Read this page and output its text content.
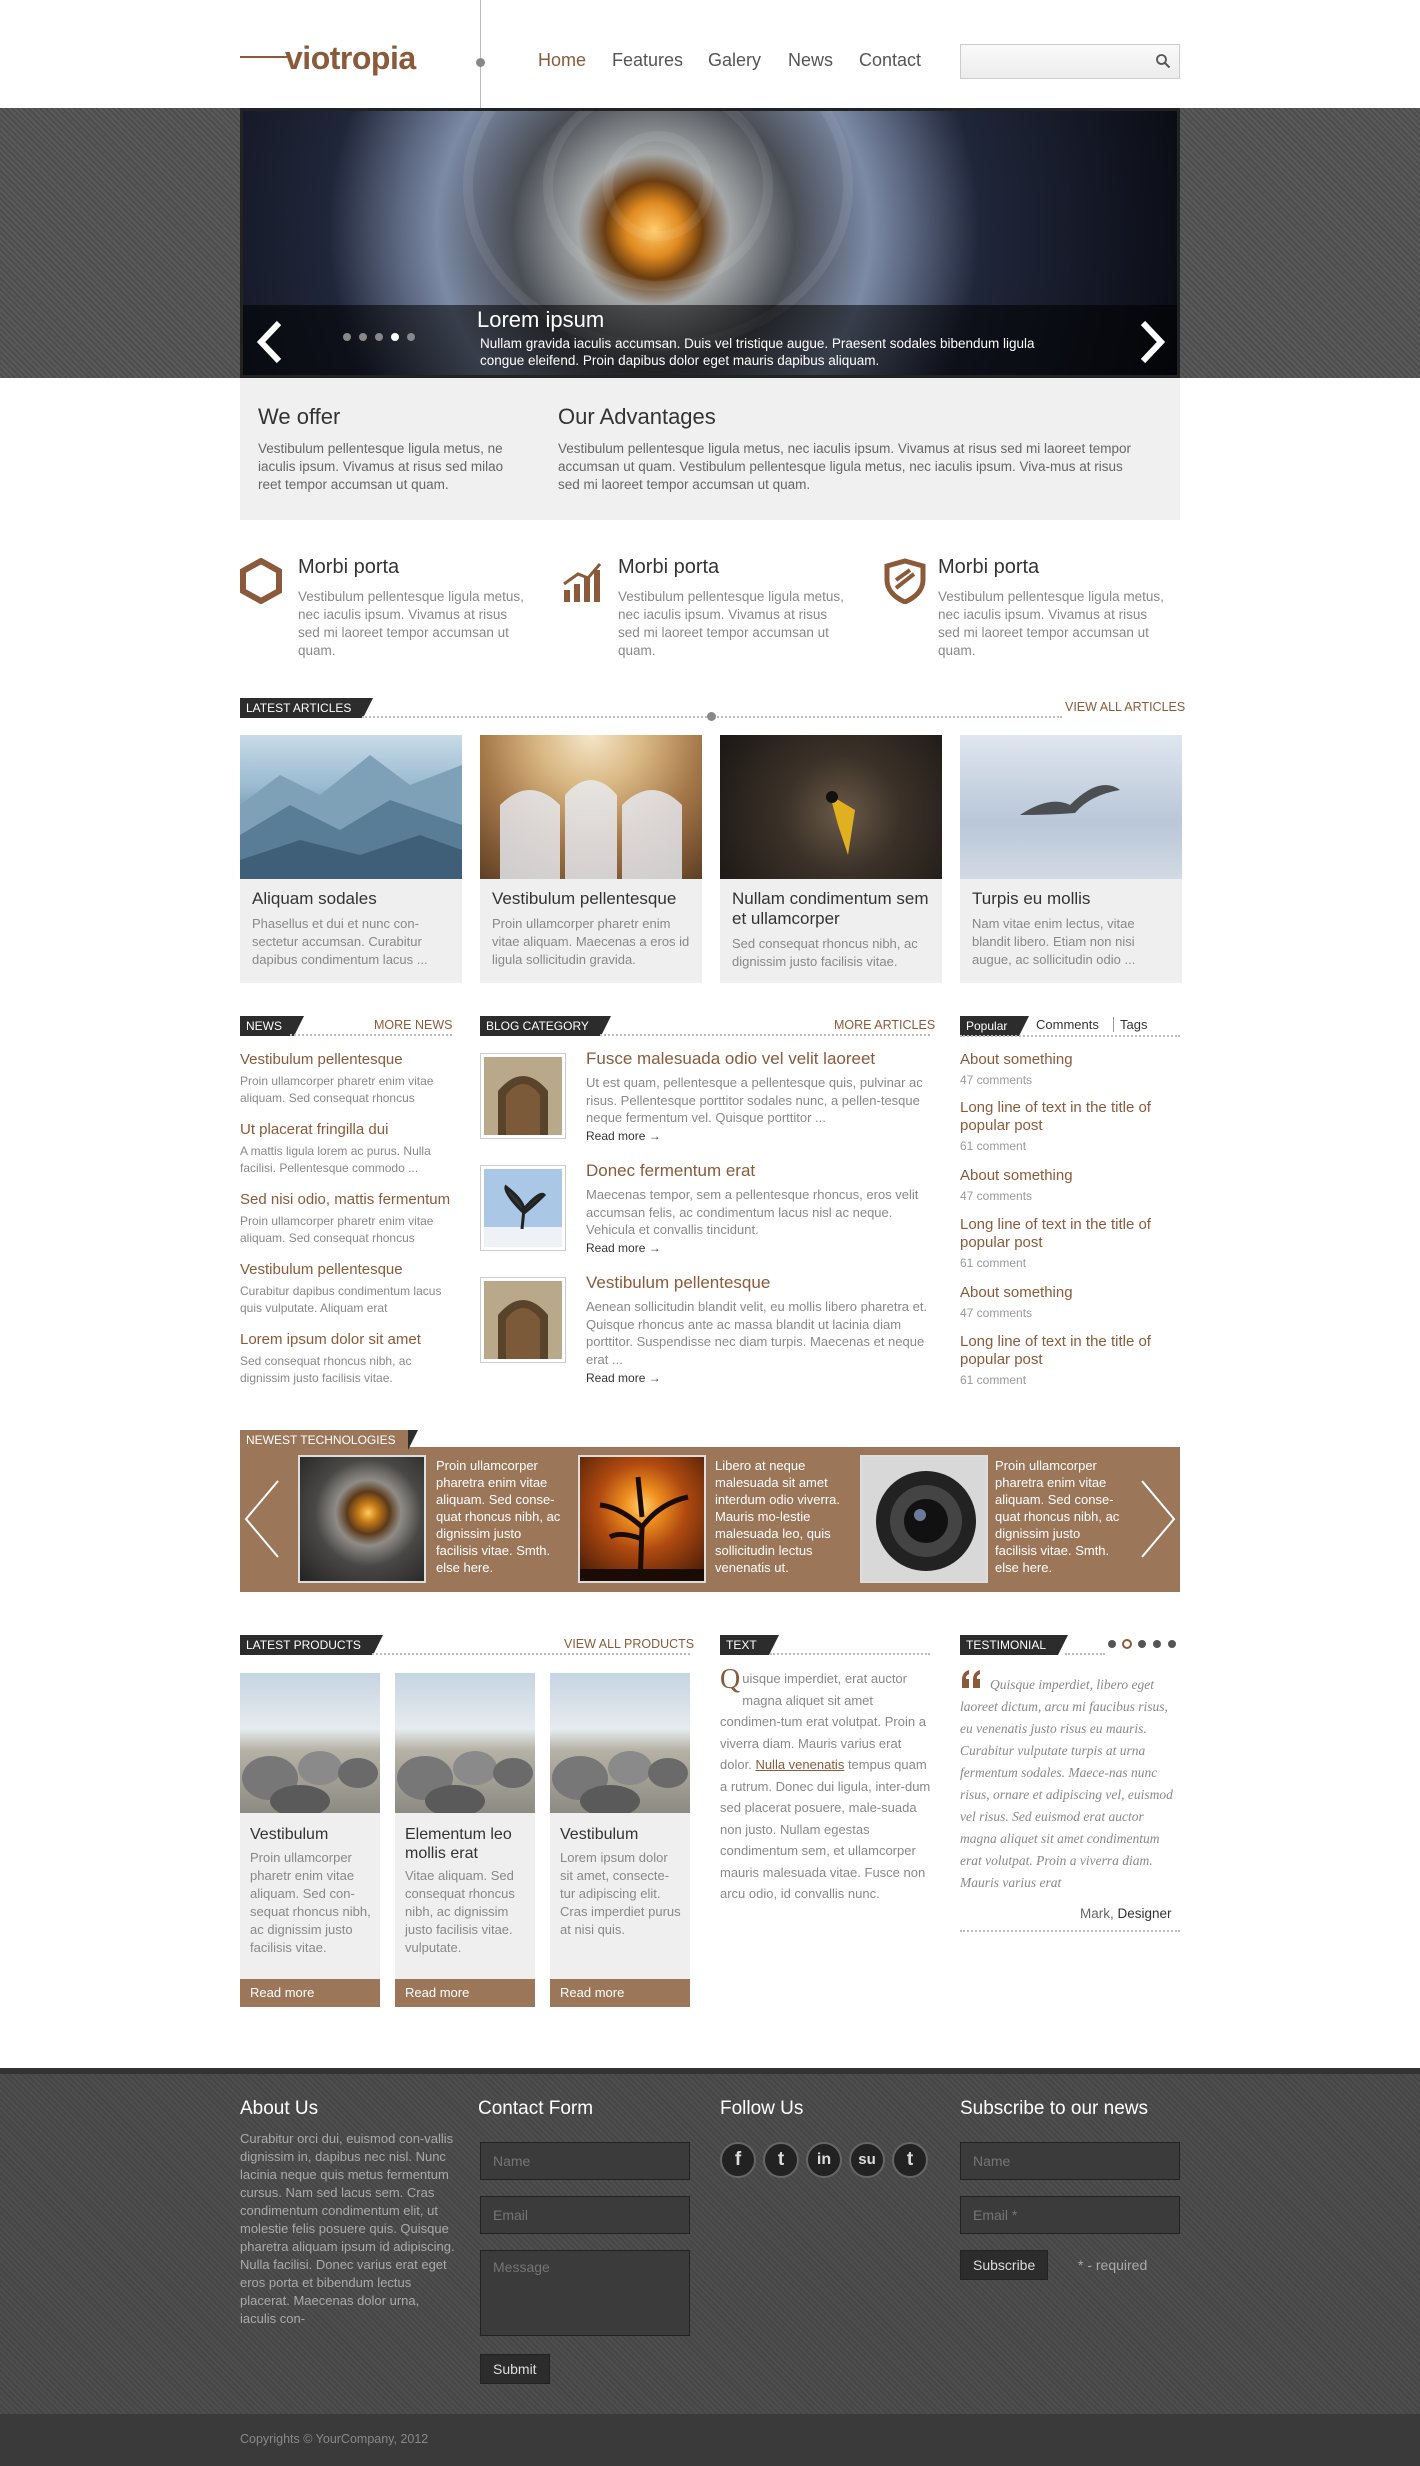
viotropia	Home Features Galery News Contact
Lorem ipsum
Nullam gravida iaculis accumsan. Duis vel tristique augue. Praesent sodales bibendum ligula congue eleifend. Proin dapibus dolor eget mauris dapibus aliquam.
We offer
Vestibulum pellentesque ligula metus, ne iaculis ipsum. Vivamus at risus sed milao reet tempor accumsan ut quam.
Our Advantages
Vestibulum pellentesque ligula metus, nec iaculis ipsum. Vivamus at risus sed mi laoreet tempor accumsan ut quam. Vestibulum pellentesque ligula metus, nec iaculis ipsum. Viva-mus at risus sed mi laoreet tempor accumsan ut quam.
Morbi porta
Vestibulum pellentesque ligula metus, nec iaculis ipsum. Vivamus at risus sed mi laoreet tempor accumsan ut quam.
Morbi porta
Vestibulum pellentesque ligula metus, nec iaculis ipsum. Vivamus at risus sed mi laoreet tempor accumsan ut quam.
Morbi porta
Vestibulum pellentesque ligula metus, nec iaculis ipsum. Vivamus at risus sed mi laoreet tempor accumsan ut quam.
LATEST ARTICLES	VIEW ALL ARTICLES
Aliquam sodales
Phasellus et dui et nunc con-sectetur accumsan. Curabitur dapibus condimentum lacus ...
Vestibulum pellentesque
Proin ullamcorper pharetr enim vitae aliquam. Maecenas a eros id ligula sollicitudin gravida.
Nullam condimentum sem et ullamcorper
Sed consequat rhoncus nibh, ac dignissim justo facilisis vitae.
Turpis eu mollis
Nam vitae enim lectus, vitae blandit libero. Etiam non nisi augue, ac sollicitudin odio ...
NEWS	MORE NEWS
Vestibulum pellentesque
Proin ullamcorper pharetr enim vitae aliquam. Sed consequat rhoncus
Ut placerat fringilla dui
A mattis ligula lorem ac purus. Nulla facilisi. Pellentesque commodo ...
Sed nisi odio, mattis fermentum
Proin ullamcorper pharetr enim vitae aliquam. Sed consequat rhoncus
Vestibulum pellentesque
Curabitur dapibus condimentum lacus quis vulputate. Aliquam erat
Lorem ipsum dolor sit amet
Sed consequat rhoncus nibh, ac dignissim justo facilisis vitae.
BLOG CATEGORY	MORE ARTICLES
Fusce malesuada odio vel velit laoreet
Ut est quam, pellentesque a pellentesque quis, pulvinar ac risus. Pellentesque porttitor sodales nunc, a pellen-tesque neque fermentum vel. Quisque porttitor ...
Read more →
Donec fermentum erat
Maecenas tempor, sem a pellentesque rhoncus, eros velit accumsan felis, ac condimentum lacus nisl ac neque. Vehicula et convallis tincidunt.
Read more →
Vestibulum pellentesque
Aenean sollicitudin blandit velit, eu mollis libero pharetra et. Quisque rhoncus ante ac massa blandit ut lacinia diam porttitor. Suspendisse nec diam turpis. Maecenas et neque erat ...
Read more →
Popular	Comments Tags
About something
47 comments
Long line of text in the title of popular post
61 comment
About something
47 comments
Long line of text in the title of popular post
61 comment
About something
47 comments
Long line of text in the title of popular post
61 comment
NEWEST TECHNOLOGIES
Proin ullamcorper pharetra enim vitae aliquam. Sed conse-quat rhoncus nibh, ac dignissim justo facilisis vitae. Smth. else here.
Libero at neque malesuada sit amet interdum odio viverra. Mauris mo-lestie malesuada leo, quis sollicitudin lectus venenatis ut.
Proin ullamcorper pharetra enim vitae aliquam. Sed conse-quat rhoncus nibh, ac dignissim justo facilisis vitae. Smth. else here.
LATEST PRODUCTS	VIEW ALL PRODUCTS
Vestibulum
Proin ullamcorper pharetr enim vitae aliquam. Sed con-sequat rhoncus nibh, ac dignissim justo facilisis vitae.
Read more
Elementum leo mollis erat
Vitae aliquam. Sed consequat rhoncus nibh, ac dignissim justo facilisis vitae. vulputate.
Read more
Vestibulum
Lorem ipsum dolor sit amet, consecte-tur adipiscing elit. Cras imperdiet purus at nisi quis.
Read more
TEXT
Quisque imperdiet, erat auctor magna aliquet sit amet condimen-tum erat volutpat. Proin a viverra diam. Mauris varius erat dolor. Nulla venenatis tempus quam a rutrum. Donec dui ligula, inter-dum sed placerat posuere, male-suada non justo. Nullam egestas condimentum sem, et ullamcorper mauris malesuada vitae. Fusce non arcu odio, id convallis nunc.
TESTIMONIAL
Quisque imperdiet, libero eget laoreet dictum, arcu mi faucibus risus, eu venenatis justo risus eu mauris. Curabitur vulputate turpis at urna fermentum sodales. Maece-nas nunc risus, ornare et adipiscing vel, euismod vel risus. Sed euismod erat auctor magna aliquet sit amet condimentum erat volutpat. Proin a viverra diam. Mauris varius erat
Mark, Designer
About Us
Curabitur orci dui, euismod con-vallis dignissim in, dapibus nec nisl. Nunc lacinia neque quis metus fermentum cursus. Nam sed lacus sem. Cras condimentum condimentum elit, ut molestie felis posuere quis. Quisque pharetra aliquam ipsum id adipiscing. Nulla facilisi. Donec varius erat eget eros porta et bibendum lectus placerat. Maecenas dolor urna, iaculis con-
Contact Form
Name
Email
Message
Submit
Follow Us
f	t	in	su	t
Subscribe to our news
Name
Email *
Subscribe	* - required
Copyrights © YourCompany, 2012
